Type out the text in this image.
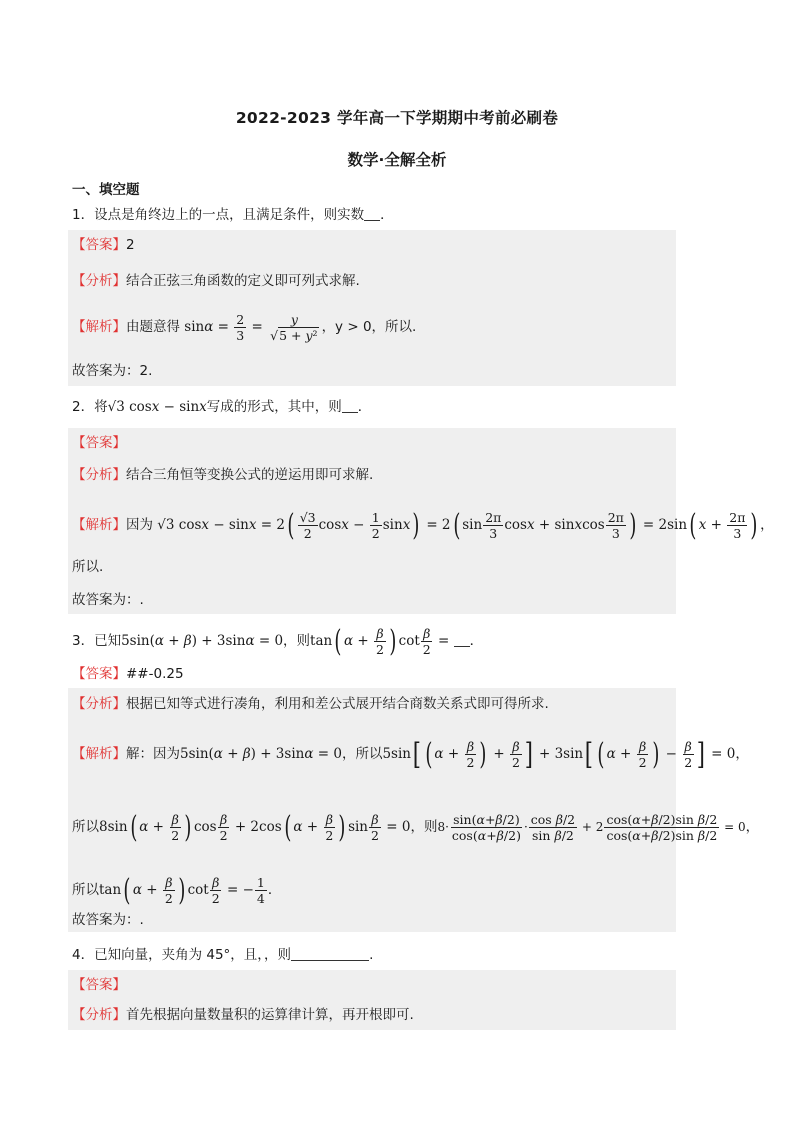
2022-2023 学年高一下学期期中考前必刷卷
数学·全解全析
一、填空题
1．设点是角终边上的一点，且满足条件，则实数 ．
【答案】2
【分析】结合正弦三角函数的定义即可列式求解.
【解析】由题意得 $\sin\alpha = \frac{2}{3} = \frac{y}{\text{√5 + y²}}$ ，y > 0，所以.
故答案为：2.
2．将√3 cosx − sinx写成的形式，其中，则 ．
【答案】
【分析】结合三角恒等变换公式的逆运用即可求解.
【解析】因为 √3 $\cos x - \sin x = 2( \frac{√3}{2}$ $\cos x - \frac{1}{2} \sin x) = 2$( $\sin \frac{2\pi}{3}$ cosx + sinxcos $\frac{2\pi}{3}$ ) = 2sin( $x + \frac{2\pi}{3}$ ) ，
所以.
故答案为：.
3．已知5sin(α + β) + 3sinα = 0，则tan( $\alpha + \frac{\beta}{2}$ ) $\cot \frac{\beta}{2}$ = ．
【答案】##-0.25
【分析】根据已知等式进行凑角，利用和差公式展开结合商数关系式即可得所求.
【解析】解：因为5sin(α + β) + 3sinα = 0，所以5sin[ ( $\alpha + \frac{\beta}{2}$ ) + $\frac{\beta}{2}$ ] + 3sin[ ( $\alpha + \frac{\beta}{2}$ ) − $\frac{\beta}{2}$ ] = 0，
所以8sin( $\alpha + \frac{\beta}{2}$ ) $\cos \frac{\beta}{2} + 2\cos$( $\alpha + \frac{\beta}{2}$ ) $\sin \frac{\beta}{2} = 0$，则$8\cdot \frac{\sin(\alpha+\beta/2)}{\cos(\alpha+\beta/2)} \cdot \frac{\text{cos β/2}}{\text{sin β/2}} + 2 \frac{\text{cos(α+β/2)sin β/2}}{\text{cos(α+β/2)sin β/2}} = 0$，
所以tan( $\alpha + \frac{\beta}{2}$ ) $\cot \frac{\beta}{2}$ = − $\frac{1}{4}$ ．
故答案为：.
4．已知向量，夹角为 45°，且，，则	.
【答案】
【分析】首先根据向量数量积的运算律计算，再开根即可.
